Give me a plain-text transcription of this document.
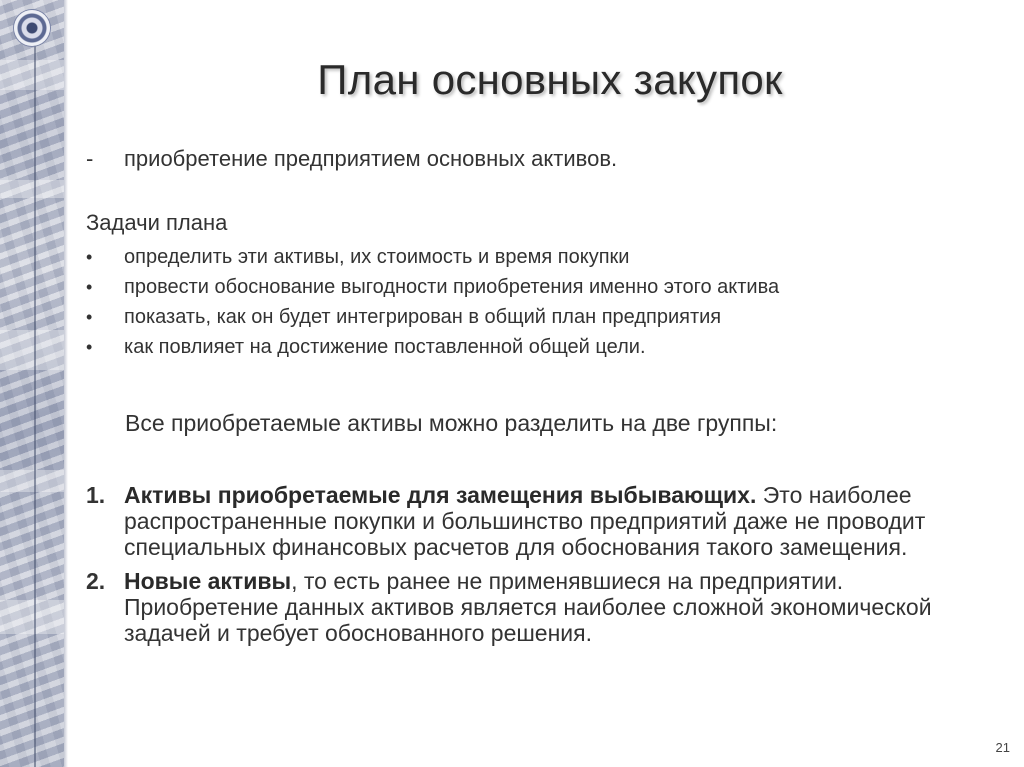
План основных закупок
- приобретение предприятием основных активов.
Задачи плана
• определить эти активы, их стоимость и время покупки
• провести обоснование выгодности приобретения именно этого актива
• показать, как он будет интегрирован в общий план предприятия
• как повлияет на достижение поставленной общей цели.
Все приобретаемые активы можно разделить на две группы:
1. Активы приобретаемые для замещения выбывающих. Это наиболее распространенные покупки и большинство предприятий даже не проводит специальных финансовых расчетов для обоснования такого замещения.
2. Новые активы, то есть ранее не применявшиеся на предприятии. Приобретение данных активов является наиболее сложной экономической задачей и требует обоснованного решения.
21
